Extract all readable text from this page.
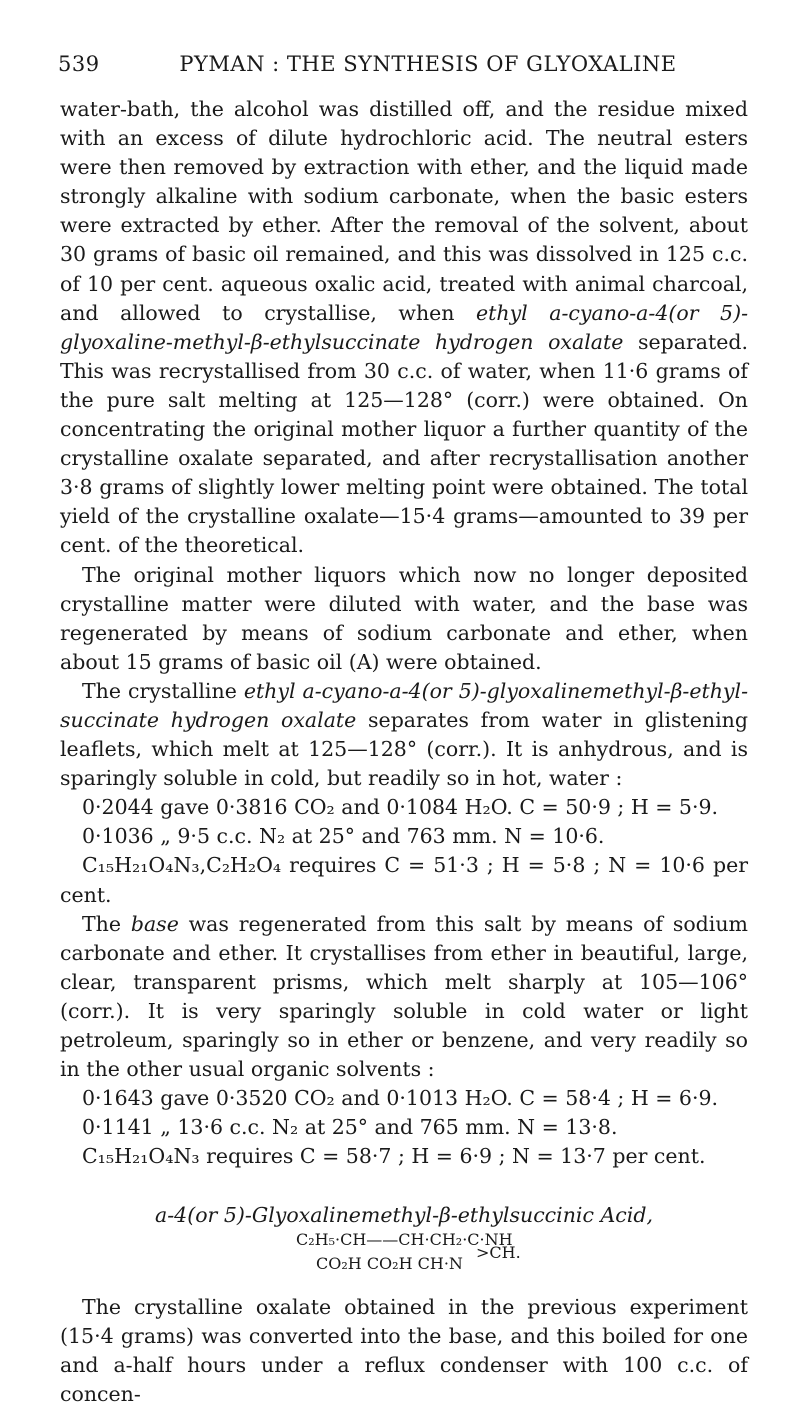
539	PYMAN : THE SYNTHESIS OF GLYOXALINE

water-bath, the alcohol was distilled off, and the residue mixed with an excess of dilute hydrochloric acid. The neutral esters were then removed by extraction with ether, and the liquid made strongly alkaline with sodium carbonate, when the basic esters were extracted by ether. After the removal of the solvent, about 30 grams of basic oil remained, and this was dissolved in 125 c.c. of 10 per cent. aqueous oxalic acid, treated with animal charcoal, and allowed to crystallise, when ethyl a-cyano-a-4(or 5)-glyoxaline-methyl-β-ethylsuccinate hydrogen oxalate separated. This was recrystallised from 30 c.c. of water, when 11·6 grams of the pure salt melting at 125—128° (corr.) were obtained. On concentrating the original mother liquor a further quantity of the crystalline oxalate separated, and after recrystallisation another 3·8 grams of slightly lower melting point were obtained. The total yield of the crystalline oxalate—15·4 grams—amounted to 39 per cent. of the theoretical.

The original mother liquors which now no longer deposited crystalline matter were diluted with water, and the base was regenerated by means of sodium carbonate and ether, when about 15 grams of basic oil (A) were obtained.

The crystalline ethyl a-cyano-a-4(or 5)-glyoxalinemethyl-β-ethyl-succinate hydrogen oxalate separates from water in glistening leaflets, which melt at 125—128° (corr.). It is anhydrous, and is sparingly soluble in cold, but readily so in hot, water :

0·2044 gave 0·3816 CO₂ and 0·1084 H₂O. C = 50·9 ; H = 5·9.

0·1036 „ 9·5 c.c. N₂ at 25° and 763 mm. N = 10·6.

C₁₅H₂₁O₄N₃,C₂H₂O₄ requires C = 51·3 ; H = 5·8 ; N = 10·6 per cent.

The base was regenerated from this salt by means of sodium carbonate and ether. It crystallises from ether in beautiful, large, clear, transparent prisms, which melt sharply at 105—106° (corr.). It is very sparingly soluble in cold water or light petroleum, sparingly so in ether or benzene, and very readily so in the other usual organic solvents :

0·1643 gave 0·3520 CO₂ and 0·1013 H₂O. C = 58·4 ; H = 6·9.

0·1141 „ 13·6 c.c. N₂ at 25° and 765 mm. N = 13·8.

C₁₅H₂₁O₄N₃ requires C = 58·7 ; H = 6·9 ; N = 13·7 per cent.

a-4(or 5)-Glyoxalinemethyl-β-ethylsuccinic Acid,

C₂H₅·CH——CH·CH₂·C·NH
>CH.
CO₂H CO₂H CH·N

The crystalline oxalate obtained in the previous experiment (15·4 grams) was converted into the base, and this boiled for one and a-half hours under a reflux condenser with 100 c.c. of concen-
